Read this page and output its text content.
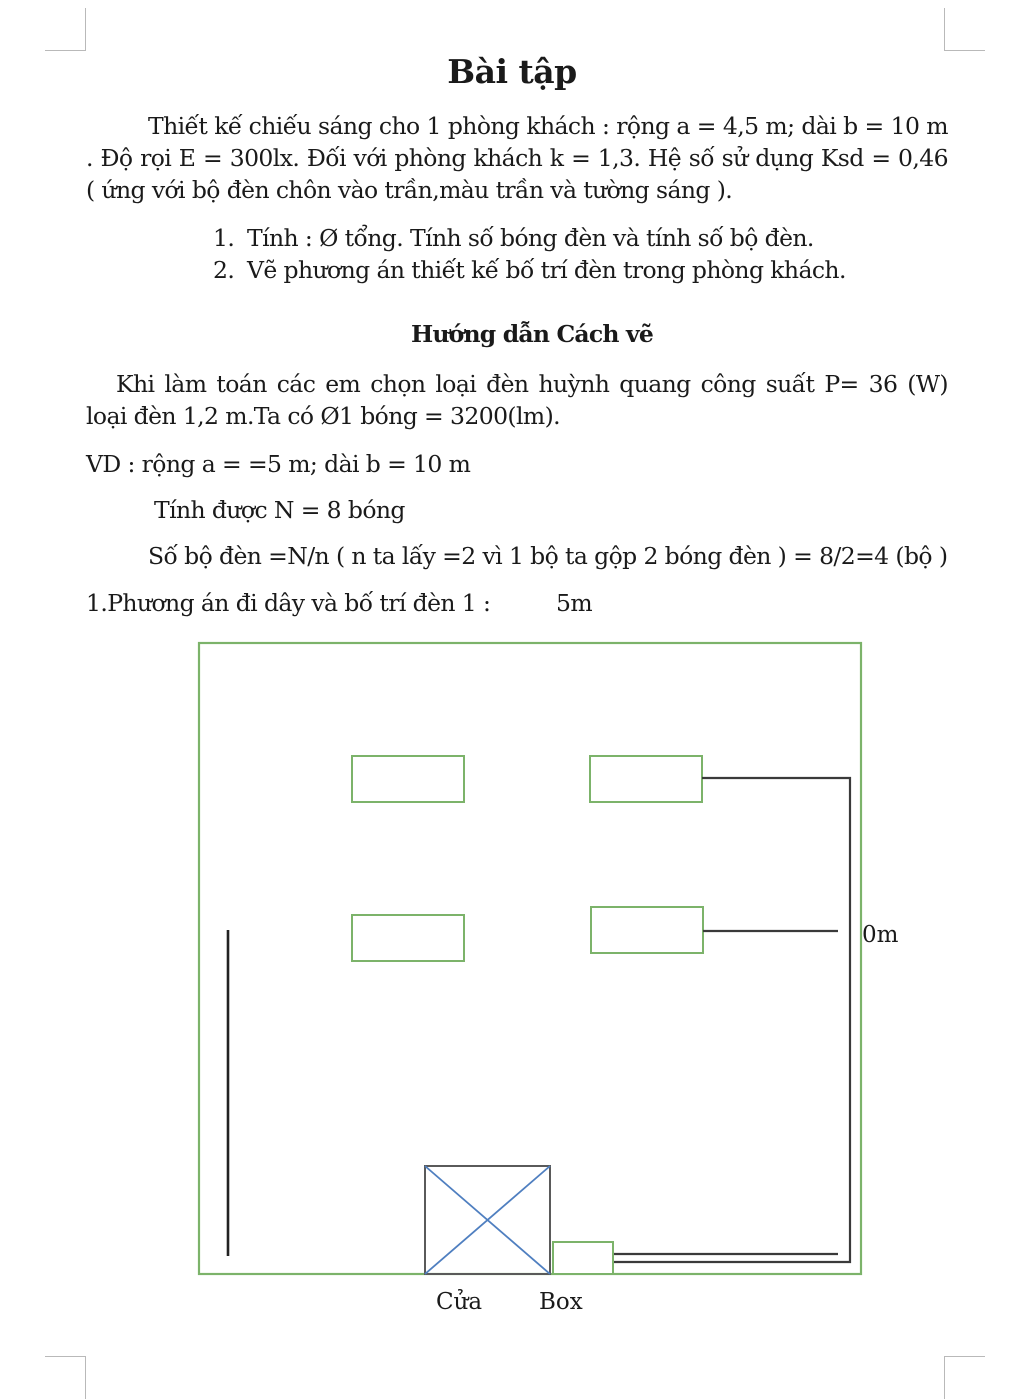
Bài tập

Thiết kế chiếu sáng cho 1 phòng khách : rộng a = 4,5 m; dài b = 10 m . Độ rọi E = 300lx. Đối với phòng khách k = 1,3. Hệ số sử dụng Ksd = 0,46 ( ứng với bộ đèn chôn vào trần,màu trần và tường sáng ).

1. Tính : Ø tổng. Tính số bóng đèn và tính số bộ đèn.
2. Vẽ phương án thiết kế bố trí đèn trong phòng khách.
Hướng dẫn Cách vẽ

Khi làm toán các em chọn loại đèn huỳnh quang công suất P= 36 (W) loại đèn 1,2 m.Ta có Ø1 bóng = 3200(lm).

VD : rộng a = =5 m; dài b = 10 m
Tính được N = 8 bóng
Số bộ đèn =N/n ( n ta lấy =2 vì 1 bộ ta gộp 2 bóng đèn ) = 8/2=4 (bộ )
1.Phương án đi dây và bố trí đèn 1 :	5m
0m
Cửa Box
